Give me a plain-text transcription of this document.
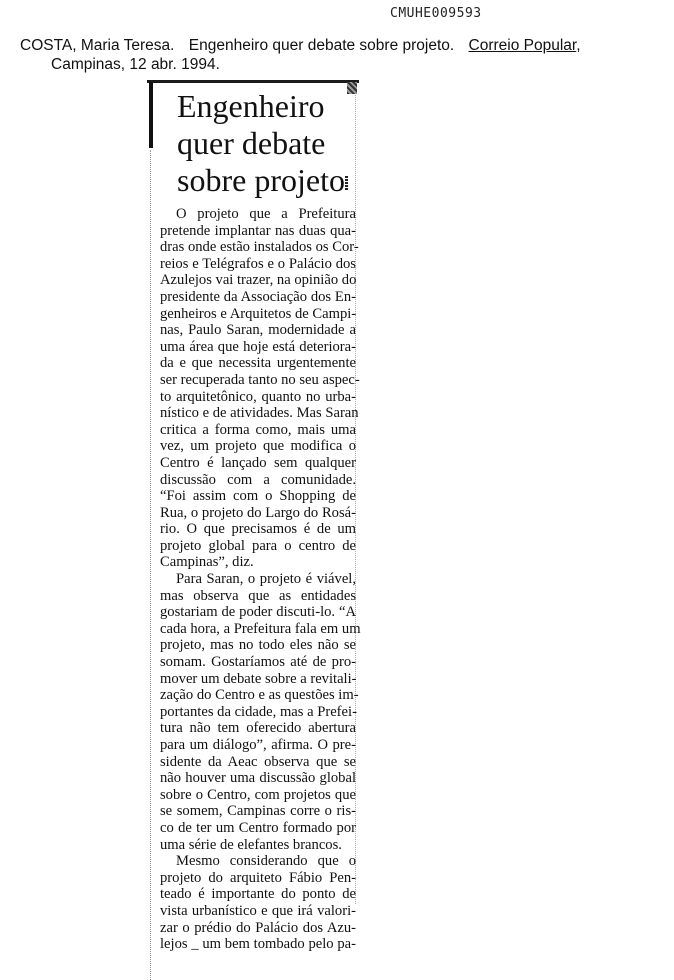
CMUHE009593
COSTA, Maria Teresa. Engenheiro quer debate sobre projeto. Correio Popular,
Campinas, 12 abr. 1994.
Engenheiro
quer debate
sobre projeto
O projeto que a Prefeitura
pretende implantar nas duas qua-
dras onde estão instalados os Cor-
reios e Telégrafos e o Palácio dos
Azulejos vai trazer, na opinião do
presidente da Associação dos En-
genheiros e Arquitetos de Campi-
nas, Paulo Saran, modernidade a
uma área que hoje está deteriora-
da e que necessita urgentemente
ser recuperada tanto no seu aspec-
to arquitetônico, quanto no urba-
nístico e de atividades. Mas Saran
critica a forma como, mais uma
vez, um projeto que modifica o
Centro é lançado sem qualquer
discussão com a comunidade.
“Foi assim com o Shopping de
Rua, o projeto do Largo do Rosá-
rio. O que precisamos é de um
projeto global para o centro de
Campinas”, diz.
Para Saran, o projeto é viável,
mas observa que as entidades
gostariam de poder discuti-lo. “A
cada hora, a Prefeitura fala em um
projeto, mas no todo eles não se
somam. Gostaríamos até de pro-
mover um debate sobre a revitali-
zação do Centro e as questões im-
portantes da cidade, mas a Prefei-
tura não tem oferecido abertura
para um diálogo”, afirma. O pre-
sidente da Aeac observa que se
não houver uma discussão global
sobre o Centro, com projetos que
se somem, Campinas corre o ris-
co de ter um Centro formado por
uma série de elefantes brancos.
Mesmo considerando que o
projeto do arquiteto Fábio Pen-
teado é importante do ponto de
vista urbanístico e que irá valori-
zar o prédio do Palácio dos Azu-
lejos _ um bem tombado pelo pa-
